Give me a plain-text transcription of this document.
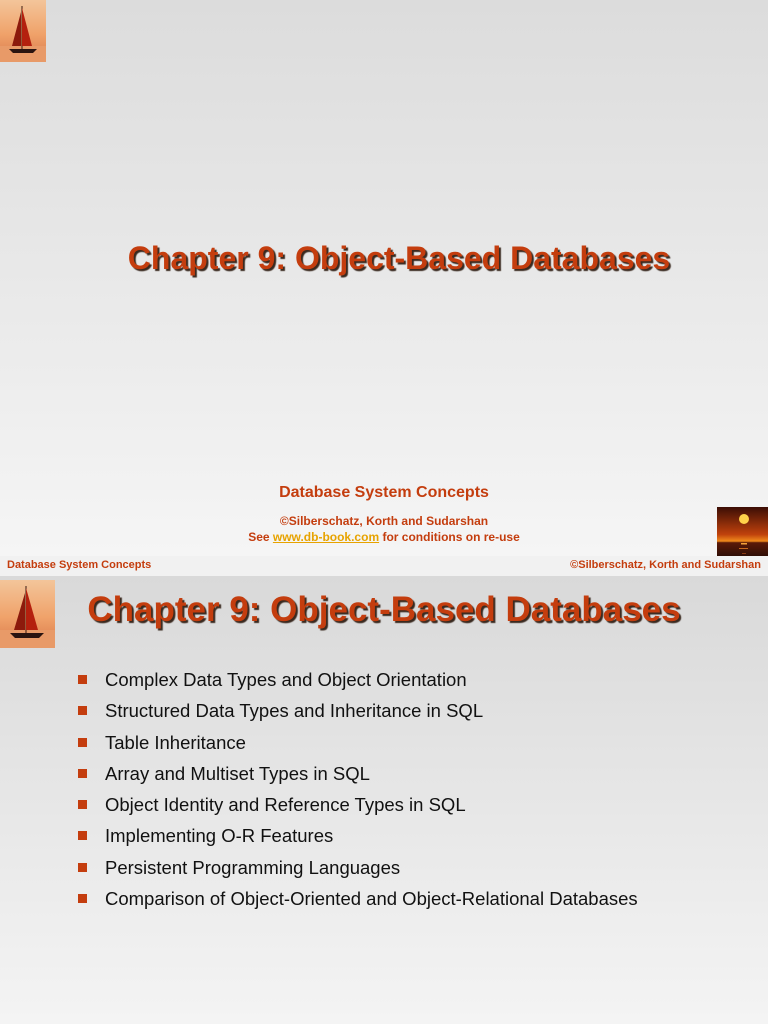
Chapter 9: Object-Based Databases
Database System Concepts
©Silberschatz, Korth and Sudarshan
See www.db-book.com for conditions on re-use
Database System Concepts	©Silberschatz, Korth and Sudarshan
Chapter 9: Object-Based Databases
Complex Data Types and Object Orientation
Structured Data Types and Inheritance in SQL
Table Inheritance
Array and Multiset Types in SQL
Object Identity and Reference Types in SQL
Implementing O-R Features
Persistent Programming Languages
Comparison of Object-Oriented and Object-Relational Databases
